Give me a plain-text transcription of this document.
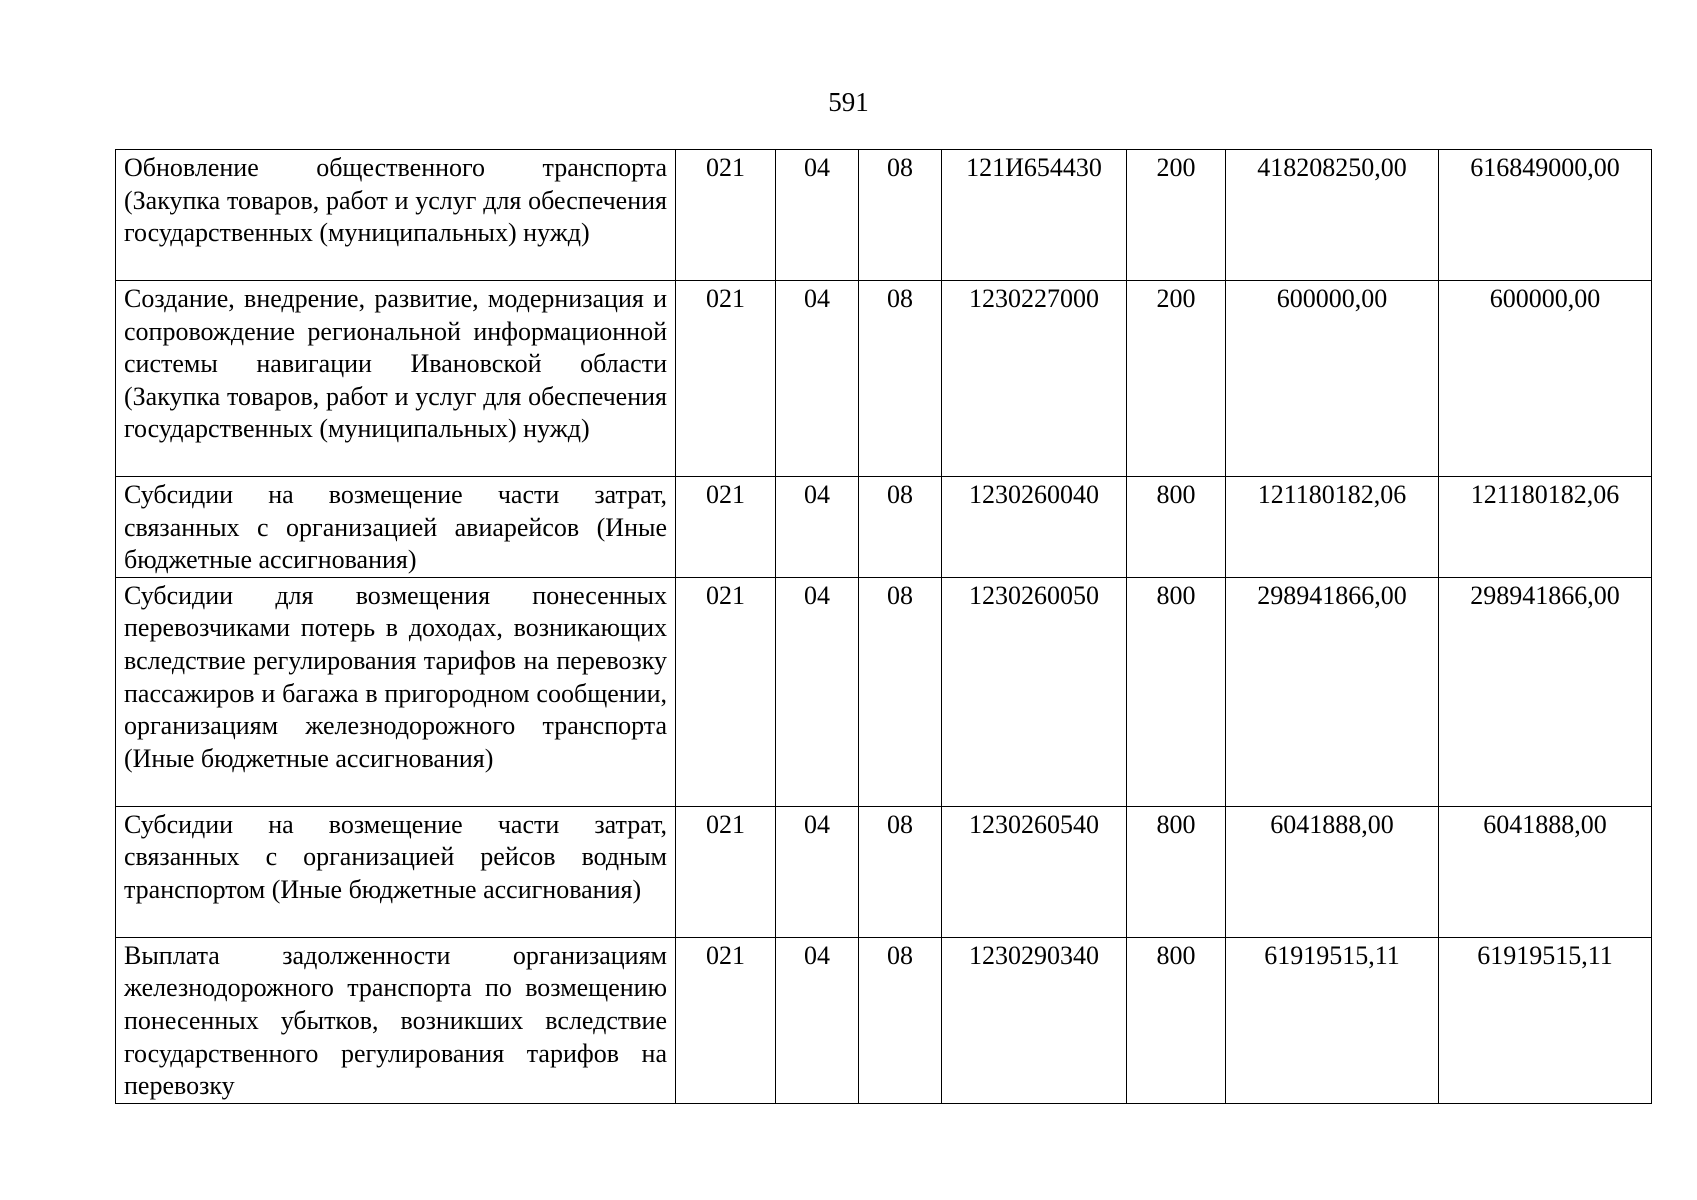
591
Обновление общественного транспорта (Закупка товаров, работ и услуг для обеспечения государственных (муниципальных) нужд)	021	04	08	121И654430	200	418208250,00	616849000,00
Создание, внедрение, развитие, модернизация и сопровождение региональной информационной системы навигации Ивановской области (Закупка товаров, работ и услуг для обеспечения государственных (муниципальных) нужд)	021	04	08	1230227000	200	600000,00	600000,00
Субсидии на возмещение части затрат, связанных с организацией авиарейсов (Иные бюджетные ассигнования)	021	04	08	1230260040	800	121180182,06	121180182,06
Субсидии для возмещения понесенных перевозчиками потерь в доходах, возникающих вследствие регулирования тарифов на перевозку пассажиров и багажа в пригородном сообщении, организациям железнодорожного транспорта (Иные бюджетные ассигнования)	021	04	08	1230260050	800	298941866,00	298941866,00
Субсидии на возмещение части затрат, связанных с организацией рейсов водным транспортом (Иные бюджетные ассигнования)	021	04	08	1230260540	800	6041888,00	6041888,00
Выплата задолженности организациям железнодорожного транспорта по возмещению понесенных убытков, возникших вследствие государственного регулирования тарифов на перевозку	021	04	08	1230290340	800	61919515,11	61919515,11
